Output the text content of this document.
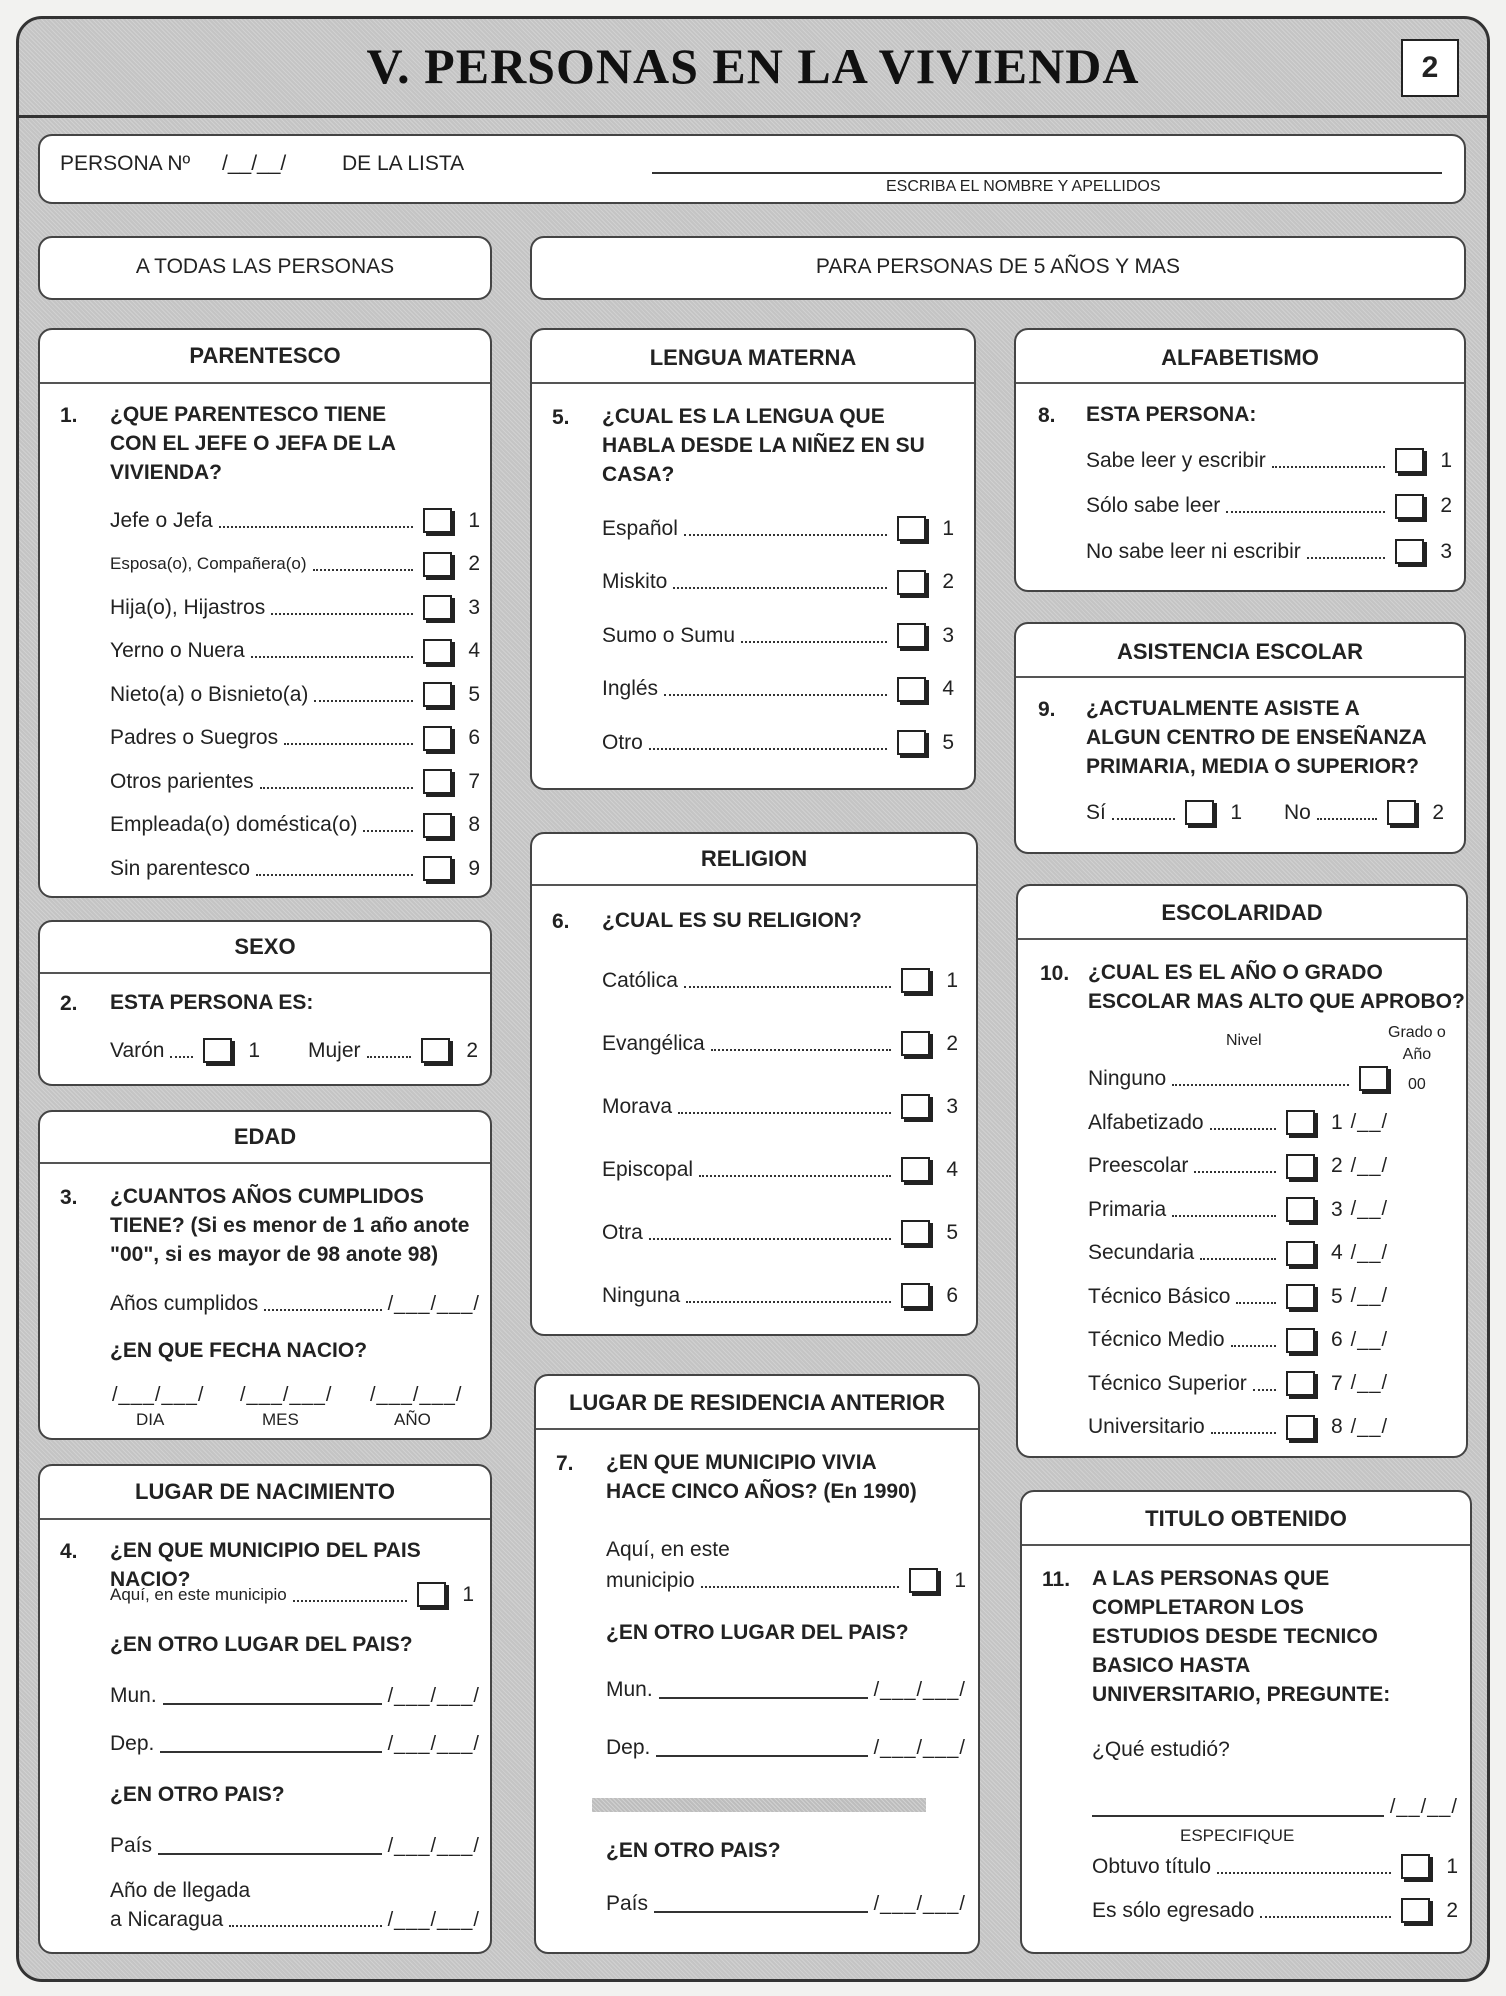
V. PERSONAS EN LA VIVIENDA	2
PERSONA Nº /__/__/	DE LA LISTA
ESCRIBA EL NOMBRE Y APELLIDOS
A TODAS LAS PERSONAS	PARA PERSONAS DE 5 AÑOS Y MAS
PARENTESCO
1. ¿QUE PARENTESCO TIENE
CON EL JEFE O JEFA DE LA
VIVIENDA?
Jefe o Jefa	1
Esposa(o), Compañera(o)	2
Hija(o), Hijastros	3
Yerno o Nuera	4
Nieto(a) o Bisnieto(a)	5
Padres o Suegros	6
Otros parientes	7
Empleada(o) doméstica(o)	8
Sin parentesco	9
SEXO
2. ESTA PERSONA ES:
Varón	1 Mujer	2
EDAD
3. ¿CUANTOS AÑOS CUMPLIDOS
TIENE? (Si es menor de 1 año anote
"00", si es mayor de 98 anote 98)
Años cumplidos	/___/___/
¿EN QUE FECHA NACIO?
/___/___/ /___/___/ /___/___/
DIA	MES	AÑO
LUGAR DE NACIMIENTO
4. ¿EN QUE MUNICIPIO DEL PAIS NACIO?
Aquí, en este municipio	1
¿EN OTRO LUGAR DEL PAIS?
Mun.	/___/___/
Dep.	/___/___/
¿EN OTRO PAIS?
País	/___/___/
Año de llegada
a Nicaragua	/___/___/
LENGUA MATERNA
5. ¿CUAL ES LA LENGUA QUE
HABLA DESDE LA NIÑEZ EN SU
CASA?
Español	1
Miskito	2
Sumo o Sumu	3
Inglés	4
Otro	5
RELIGION
6. ¿CUAL ES SU RELIGION?
Católica	1
Evangélica	2
Morava	3
Episcopal	4
Otra	5
Ninguna	6
LUGAR DE RESIDENCIA ANTERIOR
7. ¿EN QUE MUNICIPIO VIVIA
HACE CINCO AÑOS? (En 1990)
Aquí, en este
municipio	1
¿EN OTRO LUGAR DEL PAIS?
Mun.	/___/___/
Dep.	/___/___/
¿EN OTRO PAIS?
País	/___/___/
ALFABETISMO
8. ESTA PERSONA:
Sabe leer y escribir	1
Sólo sabe leer	2
No sabe leer ni escribir	3
ASISTENCIA ESCOLAR
9. ¿ACTUALMENTE ASISTE A
ALGUN CENTRO DE ENSEÑANZA
PRIMARIA, MEDIA O SUPERIOR?
Sí	1 No	2
ESCOLARIDAD
10. ¿CUAL ES EL AÑO O GRADO
ESCOLAR MAS ALTO QUE APROBO?
Nivel	Grado o
Año
Ninguno	00
Alfabetizado	1 /__/
Preescolar	2 /__/
Primaria	3 /__/
Secundaria	4 /__/
Técnico Básico	5 /__/
Técnico Medio	6 /__/
Técnico Superior	7 /__/
Universitario	8 /__/
TITULO OBTENIDO
11. A LAS PERSONAS QUE
COMPLETARON LOS
ESTUDIOS DESDE TECNICO
BASICO HASTA
UNIVERSITARIO, PREGUNTE:
¿Qué estudió?
/__/__/
ESPECIFIQUE
Obtuvo título	1
Es sólo egresado	2
